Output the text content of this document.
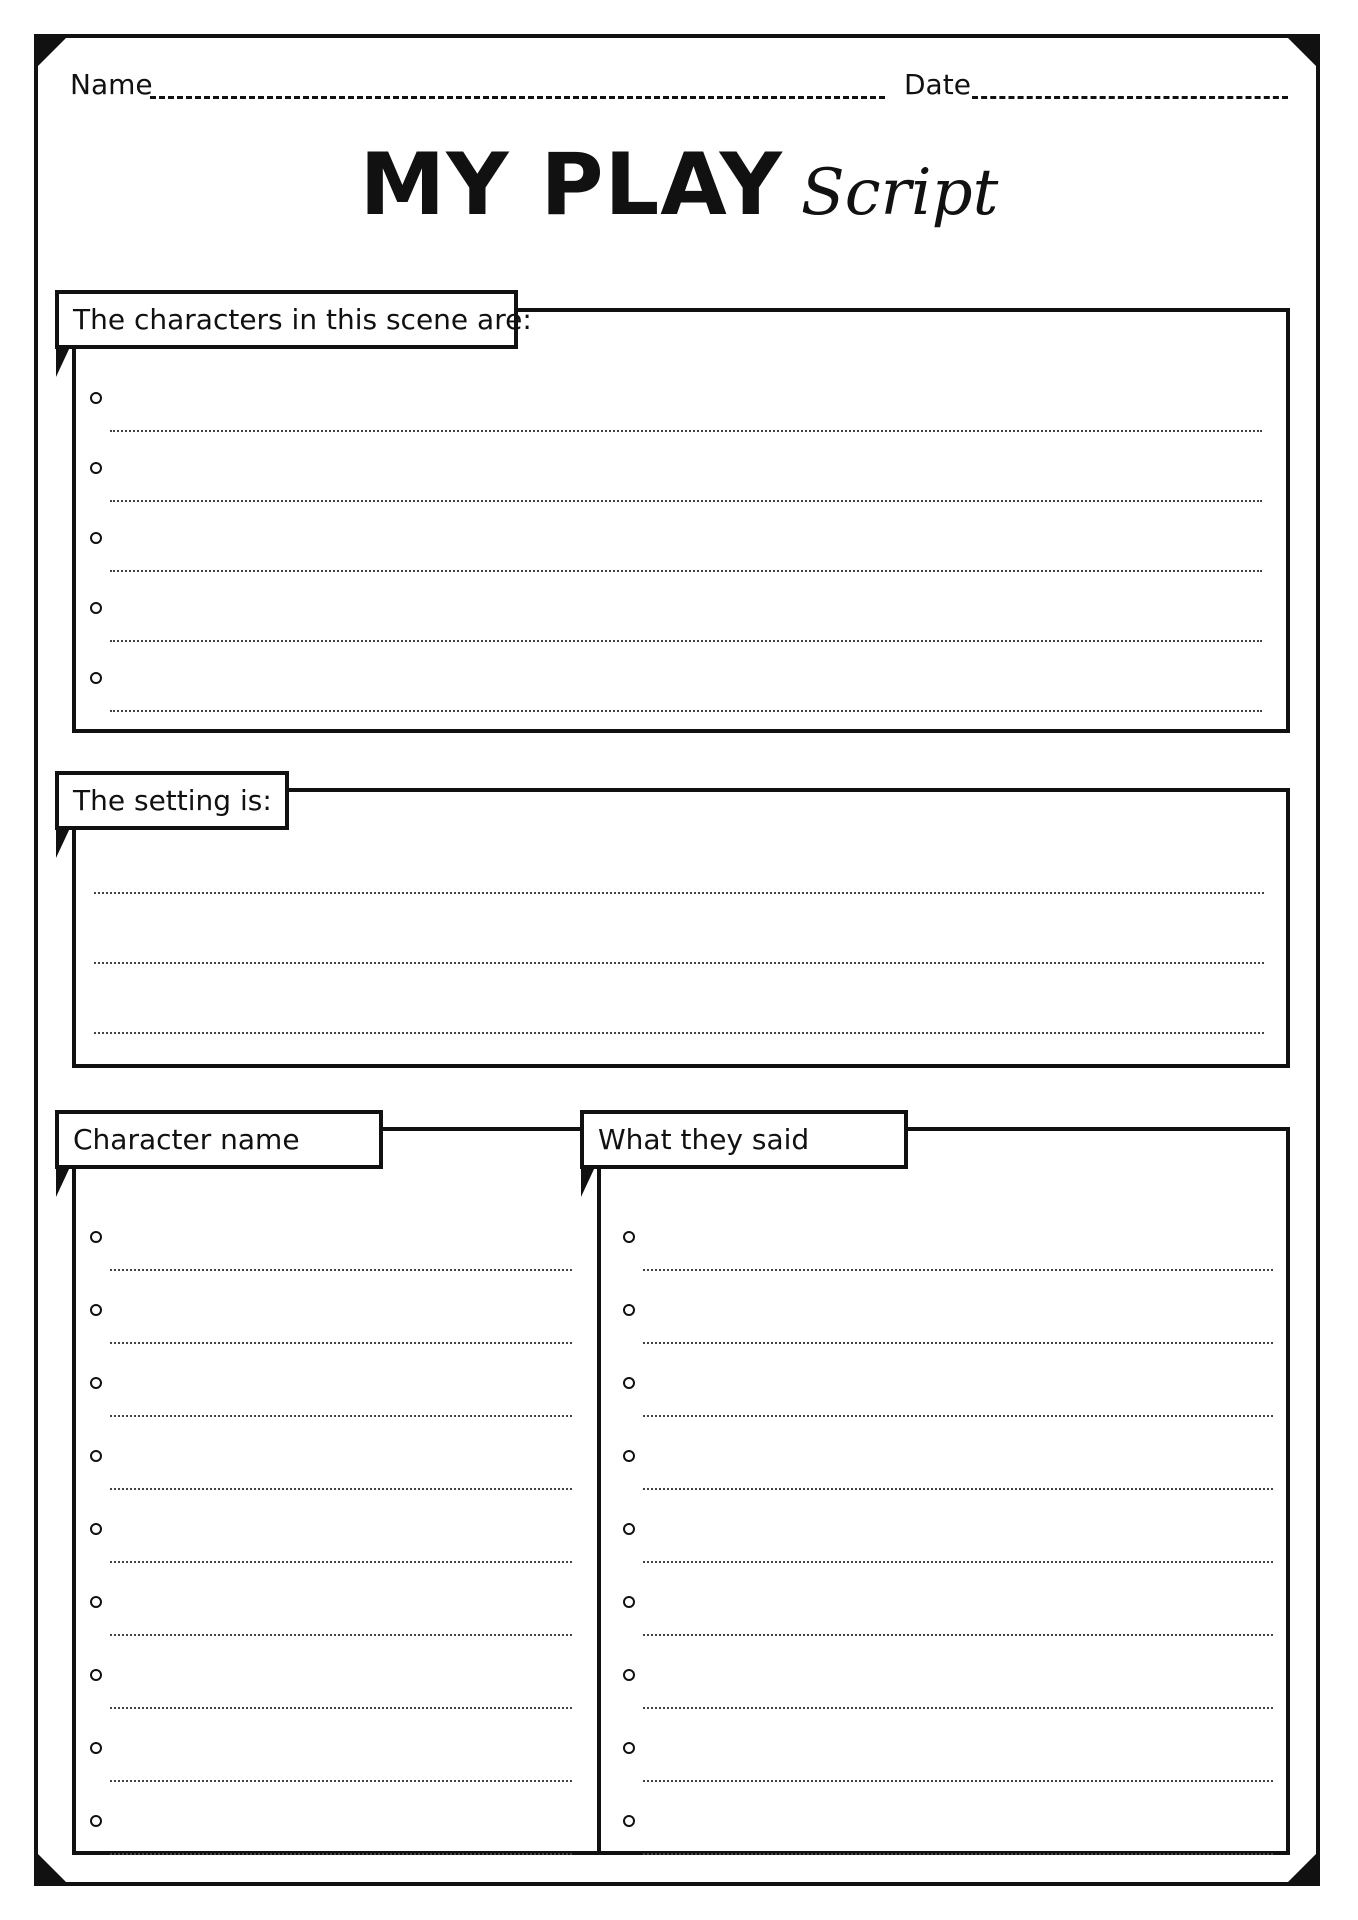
Name	Date
MY PLAY Script
The characters in this scene are:
The setting is:
Character name	What they said
